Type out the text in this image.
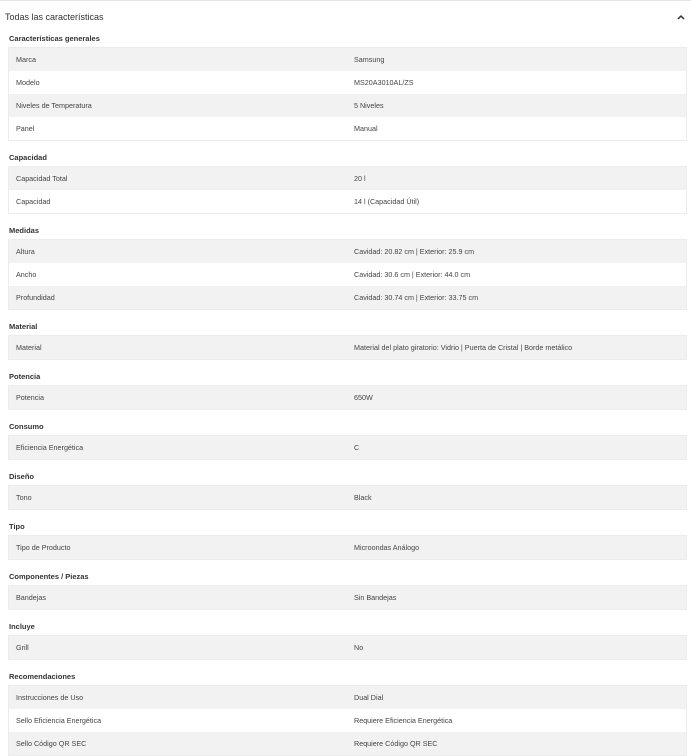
Todas las características
Características generales
Marca	Samsung
Modelo	MS20A3010AL/ZS
Niveles de Temperatura	5 Niveles
Panel	Manual
Capacidad
Capacidad Total	20 l
Capacidad	14 l (Capacidad Útil)
Medidas
Altura	Cavidad: 20.82 cm | Exterior: 25.9 cm
Ancho	Cavidad: 30.6 cm | Exterior: 44.0 cm
Profundidad	Cavidad: 30.74 cm | Exterior: 33.75 cm
Material
Material	Material del plato giratorio: Vidrio | Puerta de Cristal | Borde metálico
Potencia
Potencia	650W
Consumo
Eficiencia Energética	C
Diseño
Tono	Black
Tipo
Tipo de Producto	Microondas Análogo
Componentes / Piezas
Bandejas	Sin Bandejas
Incluye
Grill	No
Recomendaciones
Instrucciones de Uso	Dual Dial
Sello Eficiencia Energética	Requiere Eficiencia Energética
Sello Código QR SEC	Requiere Código QR SEC
